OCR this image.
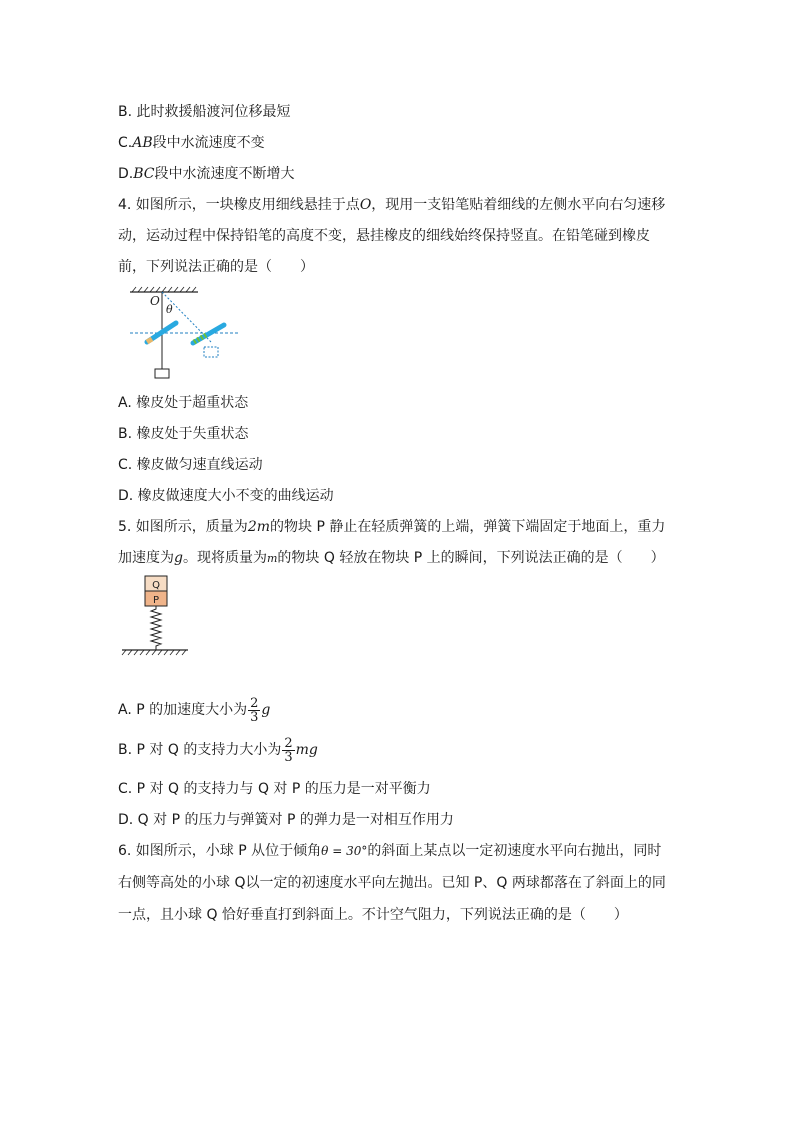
B. 此时救援船渡河位移最短
C.AB段中水流速度不变
D.BC段中水流速度不断增大
4. 如图所示，一块橡皮用细线悬挂于点O，现用一支铅笔贴着细线的左侧水平向右匀速移
动，运动过程中保持铅笔的高度不变，悬挂橡皮的细线始终保持竖直。在铅笔碰到橡皮
前，下列说法正确的是（　　）
O
θ
A. 橡皮处于超重状态
B. 橡皮处于失重状态
C. 橡皮做匀速直线运动
D. 橡皮做速度大小不变的曲线运动
5. 如图所示，质量为2m的物块 P 静止在轻质弹簧的上端，弹簧下端固定于地面上，重力
加速度为g。现将质量为m的物块 Q 轻放在物块 P 上的瞬间，下列说法正确的是（　　）
Q
P
A. P 的加速度大小为 $\frac{2}{3}$ g
B. P 对 Q 的支持力大小为 $\frac{2}{3}$ mg
C. P 对 Q 的支持力与 Q 对 P 的压力是一对平衡力
D. Q 对 P 的压力与弹簧对 P 的弹力是一对相互作用力
6. 如图所示，小球 P 从位于倾角θ = 30°的斜面上某点以一定初速度水平向右抛出，同时
右侧等高处的小球 Q以一定的初速度水平向左抛出。已知 P、Q 两球都落在了斜面上的同
一点，且小球 Q 恰好垂直打到斜面上。不计空气阻力，下列说法正确的是（　　）
